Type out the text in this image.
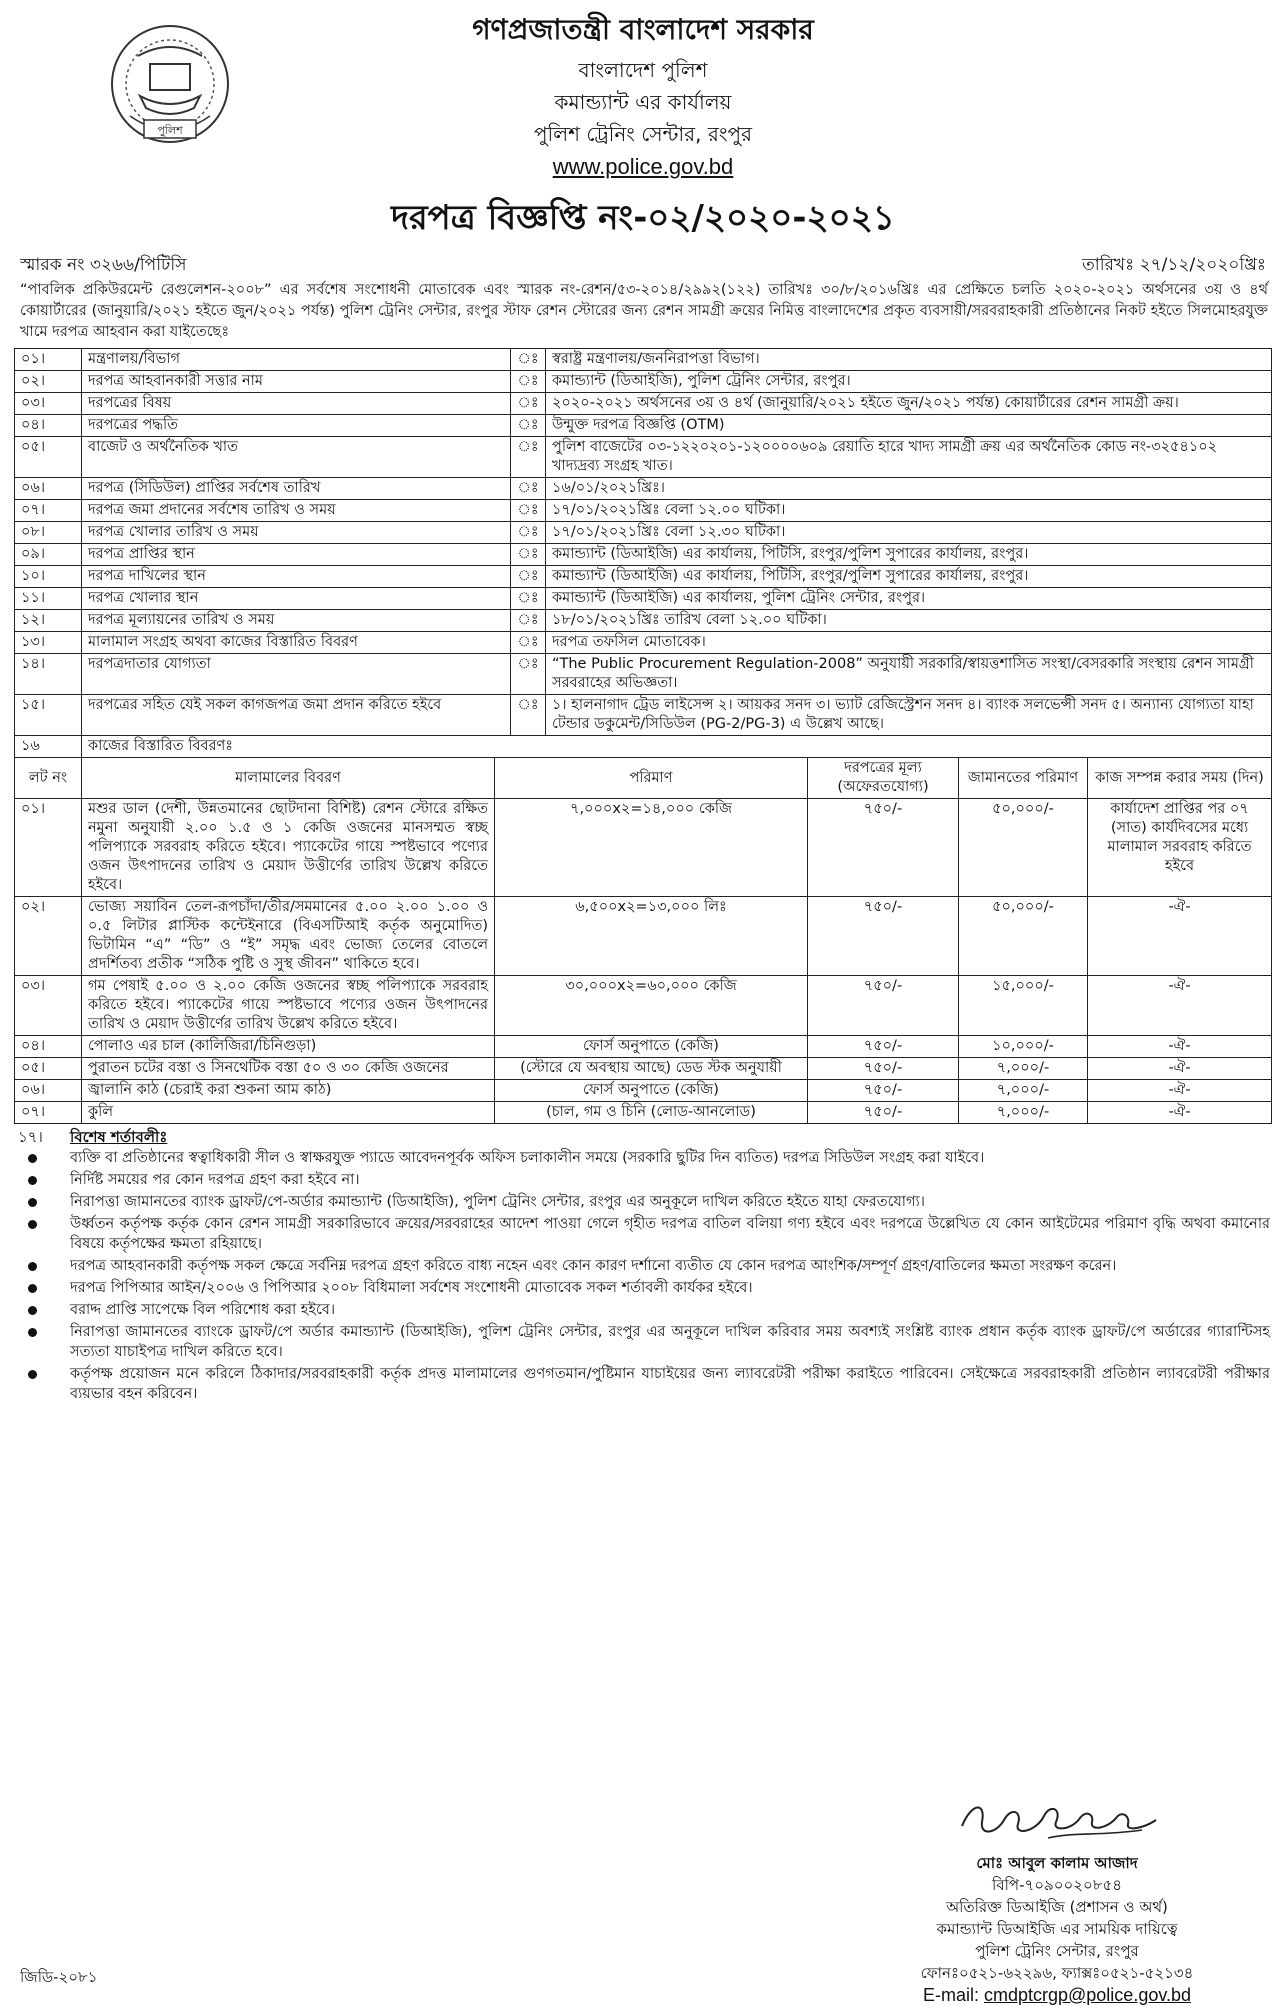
পুলিশ
গণপ্রজাতন্ত্রী বাংলাদেশ সরকার
বাংলাদেশ পুলিশ
কমান্ড্যান্ট এর কার্যালয়
পুলিশ ট্রেনিং সেন্টার, রংপুর
www.police.gov.bd
দরপত্র বিজ্ঞপ্তি নং-০২/২০২০-২০২১
স্মারক নং ৩২৬৬/পিটিসি	তারিখঃ ২৭/১২/২০২০খ্রিঃ
“পাবলিক প্রকিউরমেন্ট রেগুলেশন-২০০৮” এর সর্বশেষ সংশোধনী মোতাবেক এবং স্মারক নং-রেশন/৫৩-২০১৪/২৯৯২(১২২) তারিখঃ ৩০/৮/২০১৬খ্রিঃ এর প্রেক্ষিতে চলতি ২০২০-২০২১ অর্থসনের ৩য় ও ৪র্থ কোয়ার্টারের (জানুয়ারি/২০২১ হইতে জুন/২০২১ পর্যন্ত) পুলিশ ট্রেনিং সেন্টার, রংপুর স্টাফ রেশন স্টোরের জন্য রেশন সামগ্রী ক্রয়ের নিমিত্ত বাংলাদেশের প্রকৃত ব্যবসায়ী/সরবরাহকারী প্রতিষ্ঠানের নিকট হইতে সিলমোহরযুক্ত খামে দরপত্র আহবান করা যাইতেছেঃ
০১।	মন্ত্রণালয়/বিভাগ	ঃ	স্বরাষ্ট্র মন্ত্রণালয়/জননিরাপত্তা বিভাগ।
০২।	দরপত্র আহবানকারী সত্তার নাম	ঃ	কমান্ড্যান্ট (ডিআইজি), পুলিশ ট্রেনিং সেন্টার, রংপুর।
০৩।	দরপত্রের বিষয়	ঃ	২০২০-২০২১ অর্থসনের ৩য় ও ৪র্থ (জানুয়ারি/২০২১ হইতে জুন/২০২১ পর্যন্ত) কোয়ার্টারের রেশন সামগ্রী ক্রয়।
০৪।	দরপত্রের পদ্ধতি	ঃ	উন্মুক্ত দরপত্র বিজ্ঞপ্তি (OTM)
০৫।	বাজেট ও অর্থনৈতিক খাত	ঃ	পুলিশ বাজেটের ০৩-১২২০২০১-১২০০০০৬০৯ রেয়াতি হারে খাদ্য সামগ্রী ক্রয় এর অর্থনৈতিক কোড নং-৩২৫৪১০২ খাদ্যদ্রব্য সংগ্রহ খাত।
০৬।	দরপত্র (সিডিউল) প্রাপ্তির সর্বশেষ তারিখ	ঃ	১৬/০১/২০২১খ্রিঃ।
০৭।	দরপত্র জমা প্রদানের সর্বশেষ তারিখ ও সময়	ঃ	১৭/০১/২০২১খ্রিঃ বেলা ১২.০০ ঘটিকা।
০৮।	দরপত্র খোলার তারিখ ও সময়	ঃ	১৭/০১/২০২১খ্রিঃ বেলা ১২.৩০ ঘটিকা।
০৯।	দরপত্র প্রাপ্তির স্থান	ঃ	কমান্ড্যান্ট (ডিআইজি) এর কার্যালয়, পিটিসি, রংপুর/পুলিশ সুপারের কার্যালয়, রংপুর।
১০।	দরপত্র দাখিলের স্থান	ঃ	কমান্ড্যান্ট (ডিআইজি) এর কার্যালয়, পিটিসি, রংপুর/পুলিশ সুপারের কার্যালয়, রংপুর।
১১।	দরপত্র খোলার স্থান	ঃ	কমান্ড্যান্ট (ডিআইজি) এর কার্যালয়, পুলিশ ট্রেনিং সেন্টার, রংপুর।
১২।	দরপত্র মূল্যায়নের তারিখ ও সময়	ঃ	১৮/০১/২০২১খ্রিঃ তারিখ বেলা ১২.০০ ঘটিকা।
১৩।	মালামাল সংগ্রহ অথবা কাজের বিস্তারিত বিবরণ	ঃ	দরপত্র তফসিল মোতাবেক।
১৪।	দরপত্রদাতার যোগ্যতা	ঃ	“The Public Procurement Regulation-2008” অনুযায়ী সরকারি/স্বায়ত্তশাসিত সংস্থা/বেসরকারি সংস্থায় রেশন সামগ্রী সরবরাহের অভিজ্ঞতা।
১৫।	দরপত্রের সহিত যেই সকল কাগজপত্র জমা প্রদান করিতে হইবে	ঃ	১। হালনাগাদ ট্রেড লাইসেন্স ২। আয়কর সনদ ৩। ভ্যাট রেজিস্ট্রেশন সনদ ৪। ব্যাংক সলভেন্সী সনদ ৫। অন্যান্য যোগ্যতা যাহা টেন্ডার ডকুমেন্ট/সিডিউল (PG-2/PG-3) এ উল্লেখ আছে।
১৬	কাজের বিস্তারিত বিবরণঃ				
লট নং	মালামালের বিবরণ	পরিমাণ	দরপত্রের মূল্য (অফেরতযোগ্য)	জামানতের পরিমাণ	কাজ সম্পন্ন করার সময় (দিন)
০১।	মশুর ডাল (দেশী, উন্নতমানের ছোটদানা বিশিষ্ট) রেশন স্টোরে রক্ষিত নমুনা অনুযায়ী ২.০০ ১.৫ ও ১ কেজি ওজনের মানসম্মত স্বচ্ছ পলিপ্যাকে সরবরাহ করিতে হইবে। প্যাকেটের গায়ে স্পষ্টভাবে পণ্যের ওজন উৎপাদনের তারিখ ও মেয়াদ উত্তীর্ণের তারিখ উল্লেখ করিতে হইবে।	৭,০০০x২=১৪,০০০ কেজি	৭৫০/-	৫০,০০০/-	কার্যাদেশ প্রাপ্তির পর ০৭ (সাত) কার্যদিবসের মধ্যে মালামাল সরবরাহ করিতে হইবে
০২।	ভোজ্য সয়াবিন তেল-রূপচাঁদা/তীর/সমমানের ৫.০০ ২.০০ ১.০০ ও ০.৫ লিটার প্লাস্টিক কন্টেইনারে (বিএসটিআই কর্তৃক অনুমোদিত) ভিটামিন “এ” “ডি” ও “ই” সমৃদ্ধ এবং ভোজ্য তেলের বোতলে প্রদর্শিতব্য প্রতীক “সঠিক পুষ্টি ও সুস্থ জীবন” থাকিতে হবে।	৬,৫০০x২=১৩,০০০ লিঃ	৭৫০/-	৫০,০০০/-	-ঐ-
০৩।	গম পেষাই ৫.০০ ও ২.০০ কেজি ওজনের স্বচ্ছ পলিপ্যাকে সরবরাহ করিতে হইবে। প্যাকেটের গায়ে স্পষ্টভাবে পণ্যের ওজন উৎপাদনের তারিখ ও মেয়াদ উত্তীর্ণের তারিখ উল্লেখ করিতে হইবে।	৩০,০০০x২=৬০,০০০ কেজি	৭৫০/-	১৫,০০০/-	-ঐ-
০৪।	পোলাও এর চাল (কালিজিরা/চিনিগুড়া)	ফোর্স অনুপাতে (কেজি)	৭৫০/-	১০,০০০/-	-ঐ-
০৫।	পুরাতন চটের বস্তা ও সিনথেটিক বস্তা ৫০ ও ৩০ কেজি ওজনের	(স্টোরে যে অবস্থায় আছে) ডেড স্টক অনুযায়ী	৭৫০/-	৭,০০০/-	-ঐ-
০৬।	জ্বালানি কাঠ (চেরাই করা শুকনা আম কাঠ)	ফোর্স অনুপাতে (কেজি)	৭৫০/-	৭,০০০/-	-ঐ-
০৭।	কুলি	(চাল, গম ও চিনি (লোড-আনলোড)	৭৫০/-	৭,০০০/-	-ঐ-
১৭। বিশেষ শর্তাবলীঃ
ব্যক্তি বা প্রতিষ্ঠানের স্বত্বাধিকারী সীল ও স্বাক্ষরযুক্ত প্যাডে আবেদনপূর্বক অফিস চলাকালীন সময়ে (সরকারি ছুটির দিন ব্যতিত) দরপত্র সিডিউল সংগ্রহ করা যাইবে।
নির্দিষ্ট সময়ের পর কোন দরপত্র গ্রহণ করা হইবে না।
নিরাপত্তা জামানতের ব্যাংক ড্রাফট/পে-অর্ডার কমান্ড্যান্ট (ডিআইজি), পুলিশ ট্রেনিং সেন্টার, রংপুর এর অনুকূলে দাখিল করিতে হইতে যাহা ফেরতযোগ্য।
উর্ধ্বতন কর্তৃপক্ষ কর্তৃক কোন রেশন সামগ্রী সরকারিভাবে ক্রয়ের/সরবরাহের আদেশ পাওয়া গেলে গৃহীত দরপত্র বাতিল বলিয়া গণ্য হইবে এবং দরপত্রে উল্লেখিত যে কোন আইটেমের পরিমাণ বৃদ্ধি অথবা কমানোর বিষয়ে কর্তৃপক্ষের ক্ষমতা রহিয়াছে।
দরপত্র আহবানকারী কর্তৃপক্ষ সকল ক্ষেত্রে সর্বনিম্ন দরপত্র গ্রহণ করিতে বাধ্য নহেন এবং কোন কারণ দর্শানো ব্যতীত যে কোন দরপত্র আংশিক/সম্পূর্ণ গ্রহণ/বাতিলের ক্ষমতা সংরক্ষণ করেন।
দরপত্র পিপিআর আইন/২০০৬ ও পিপিআর ২০০৮ বিধিমালা সর্বশেষ সংশোধনী মোতাবেক সকল শর্তাবলী কার্যকর হইবে।
বরাদ্দ প্রাপ্তি সাপেক্ষে বিল পরিশোধ করা হইবে।
নিরাপত্তা জামানতের ব্যাংকে ড্রাফট/পে অর্ডার কমান্ড্যান্ট (ডিআইজি), পুলিশ ট্রেনিং সেন্টার, রংপুর এর অনুকূলে দাখিল করিবার সময় অবশ্যই সংশ্লিষ্ট ব্যাংক প্রধান কর্তৃক ব্যাংক ড্রাফট/পে অর্ডারের গ্যারান্টিসহ সত্যতা যাচাইপত্র দাখিল করিতে হবে।
কর্তৃপক্ষ প্রয়োজন মনে করিলে ঠিকাদার/সরবরাহকারী কর্তৃক প্রদত্ত মালামালের গুণগতমান/পুষ্টিমান যাচাইয়ের জন্য ল্যাবরেটরী পরীক্ষা করাইতে পারিবেন। সেইক্ষেত্রে সরবরাহকারী প্রতিষ্ঠান ল্যাবরেটরী পরীক্ষার ব্যয়ভার বহন করিবেন।
মোঃ আবুল কালাম আজাদ
বিপি-৭০৯০০২০৮৫৪
অতিরিক্ত ডিআইজি (প্রশাসন ও অর্থ)
কমান্ড্যান্ট ডিআইজি এর সাময়িক দায়িত্বে
পুলিশ ট্রেনিং সেন্টার, রংপুর
ফোনঃ০৫২১-৬২২৯৬, ফ্যাক্সঃ০৫২১-৫২১৩৪
E-mail: cmdptcrgp@police.gov.bd
জিডি-২০৮১
